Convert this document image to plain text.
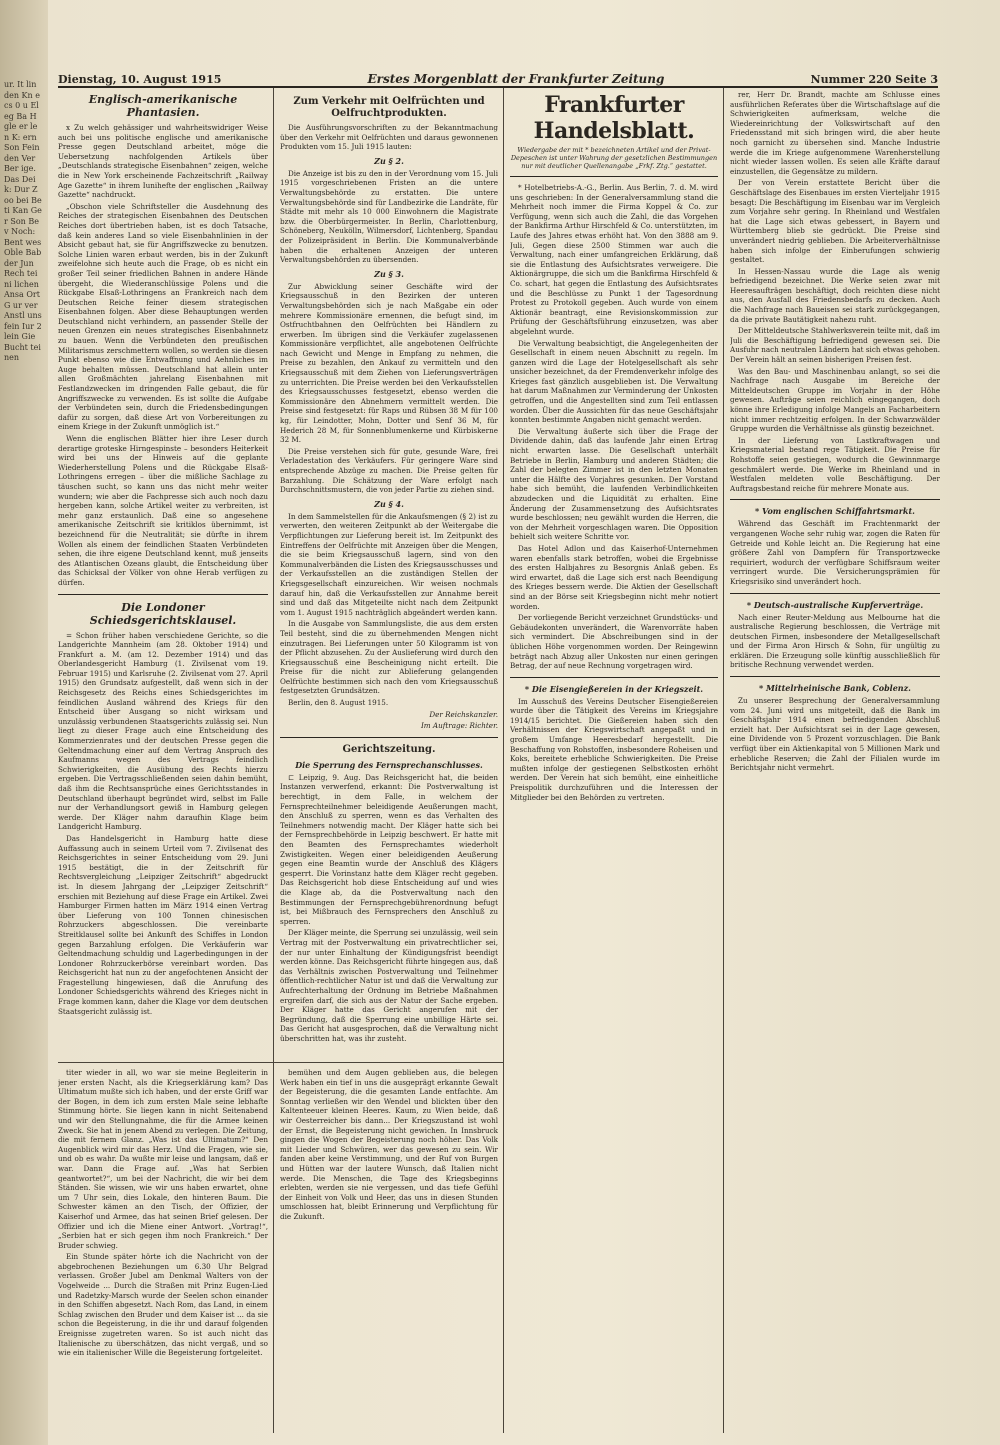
ur. It lin den Kn ecs 0 u Eleg Ba H gle er len K: ern Son Fein den Ver Ber ige. Das Deik: Dur Zoo bei Beti Kan Ger Son Bev Noch: Bent wes Oble Bab der Jun Rech teini lichen Ansa Ort G ur ver Anstl uns fein Iur 2 lein Gie Bucht teinen
Dienstag, 10. August 1915	Erstes Morgenblatt der Frankfurter Zeitung	Nummer 220 Seite 3
Englisch-amerikanische Phantasien.

x Zu welch gehässiger und wahrheitswidriger Weise auch bei uns politische englische und amerikanische Presse gegen Deutschland arbeitet, möge die Uebersetzung nachfolgenden Artikels über „Deutschlands strategische Eisenbahnen“ zeigen, welche die in New York erscheinende Fachzeitschrift „Railway Age Gazette“ in ihrem Iunihefte der englischen „Railway Gazette“ nachdruckt.

„Obschon viele Schriftsteller die Ausdehnung des Reiches der strategischen Eisenbahnen des Deutschen Reiches dort übertrieben haben, ist es doch Tatsache, daß kein anderes Land so viele Eisenbahnlinien in der Absicht gebaut hat, sie für Angriffszwecke zu benutzen. Solche Linien waren erbaut werden, bis in der Zukunft zweifelohne sich heute auch die Frage, ob es nicht ein großer Teil seiner friedlichen Bahnen in andere Hände übergeht, die Wiederanschlüssige Polens und die Rückgabe Elsaß-Lothringens an Frankreich nach dem Deutschen Reiche feiner diesem strategischen Eisenbahnen folgen. Aber diese Behauptungen werden Deutschland nicht verhindern, an passender Stelle der neuen Grenzen ein neues strategisches Eisenbahnnetz zu bauen. Wenn die Verbündeten den preußischen Militarismus zerschmettern wollen, so werden sie diesen Punkt ebenso wie die Entwaffnung und Aehnliches im Auge behalten müssen. Deutschland hat allein unter allen Großmächten jahrelang Eisenbahnen mit Festlandzwecken im dringenden Falle gebaut, die für Angriffszwecke zu verwenden. Es ist sollte die Aufgabe der Verbündeten sein, durch die Friedensbedingungen dafür zu sorgen, daß diese Art von Vorbereitungen zu einem Kriege in der Zukunft unmöglich ist.“

Wenn die englischen Blätter hier ihre Leser durch derartige groteske Hirngespinste – besonders Heiterkeit wird bei uns der Hinweis auf die geplante Wiederherstellung Polens und die Rückgabe Elsaß-Lothringens erregen – über die mißliche Sachlage zu täuschen sucht, so kann uns das nicht mehr weiter wundern; wie aber die Fachpresse sich auch noch dazu hergeben kann, solche Artikel weiter zu verbreiten, ist mehr ganz erstaunlich. Daß eine so angesehene amerikanische Zeitschrift sie kritiklos übernimmt, ist bezeichnend für die Neutralität; sie dürfte in ihrem Wollen als einem der feindlichen Staaten Verbündeten sehen, die ihre eigene Deutschland kennt, muß jenseits des Atlantischen Ozeans glaubt, die Entscheidung über das Schicksal der Völker von ohne Herab verfügen zu dürfen.

Die Londoner Schiedsgerichtsklausel.

= Schon früher haben verschiedene Gerichte, so die Landgerichte Mannheim (am 28. Oktober 1914) und Frankfurt a. M. (am 12. Dezember 1914) und das Oberlandesgericht Hamburg (1. Zivilsenat vom 19. Februar 1915) und Karlsruhe (2. Zivilsenat vom 27. April 1915) den Grundsatz aufgestellt, daß wenn sich in der Reichsgesetz des Reichs eines Schiedsgerichtes im feindlichen Ausland während des Kriegs für den Entscheid über Ausgang so nicht wirksam und unzulässig verbundenen Staatsgerichts zulässig sei. Nun liegt zu dieser Frage auch eine Entscheidung des Kommerzienrates und der deutschen Presse gegen die Geltendmachung einer auf dem Vertrag Anspruch des Kaufmanns wegen des Vertrags feindlich Schwierigkeiten, die Ausübung des Rechts hierzu ergeben. Die Vertragsschließenden seien dahin bemüht, daß ihm die Rechtsansprüche eines Gerichtsstandes in Deutschland überhaupt begründet wird, selbst im Falle nur der Verhandlungsort gewiß in Hamburg gelegen werde. Der Kläger nahm daraufhin Klage beim Landgericht Hamburg.

Das Handelsgericht in Hamburg hatte diese Auffassung auch in seinem Urteil vom 7. Zivilsenat des Reichsgerichtes in seiner Entscheidung vom 29. Juni 1915 bestätigt, die in der Zeitschrift für Rechtsvergleichung „Leipziger Zeitschrift“ abgedruckt ist. In diesem Jahrgang der „Leipziger Zeitschrift“ erschien mit Beziehung auf diese Frage ein Artikel. Zwei Hamburger Firmen hatten im März 1914 einen Vertrag über Lieferung von 100 Tonnen chinesischen Rohrzuckers abgeschlossen. Die vereinbarte Streitklausel sollte bei Ankunft des Schiffes in London gegen Barzahlung erfolgen. Die Verkäuferin war Geltendmachung schuldig und Lagerbedingungen in der Londoner Rohrzuckerbörse vereinbart worden. Das Reichsgericht hat nun zu der angefochtenen Ansicht der Fragestellung hingewiesen, daß die Anrufung des Londoner Schiedsgerichts während des Krieges nicht in Frage kommen kann, daher die Klage vor dem deutschen Staatsgericht zulässig ist.

Zum Verkehr mit Oelfrüchten und Oelfruchtprodukten.

Die Ausführungsvorschriften zu der Bekanntmachung über den Verkehr mit Oelfrüchten und daraus gewonnenen Produkten vom 15. Juli 1915 lauten:

Zu § 2.

Die Anzeige ist bis zu den in der Verordnung vom 15. Juli 1915 vorgeschriebenen Fristen an die untere Verwaltungsbehörde zu erstatten. Die untere Verwaltungsbehörde sind für Landbezirke die Landräte, für Städte mit mehr als 10 000 Einwohnern die Magistrate bzw. die Oberbürgermeister. In Berlin, Charlottenburg, Schöneberg, Neukölln, Wilmersdorf, Lichtenberg, Spandau der Polizeipräsident in Berlin. Die Kommunalverbände haben die erhaltenen Anzeigen der unteren Verwaltungsbehörden zu übersenden.

Zu § 3.

Zur Abwicklung seiner Geschäfte wird der Kriegsausschuß in den Bezirken der unteren Verwaltungsbehörden sich je nach Maßgabe ein oder mehrere Kommissionäre ernennen, die befugt sind, im Ostfruchtbahnen den Oelfrüchten bei Händlern zu erwerben. Im übrigen sind die Verkäufer zugelassenen Kommissionäre verpflichtet, alle angebotenen Oelfrüchte nach Gewicht und Menge in Empfang zu nehmen, die Preise zu bezahlen, den Ankauf zu vermitteln und den Kriegsausschuß mit dem Ziehen von Lieferungsverträgen zu unterrichten. Die Preise werden bei den Verkaufsstellen des Kriegsausschusses festgesetzt, ebenso werden die Kommissionäre den Abnehmern vermittelt werden. Die Preise sind festgesetzt: für Raps und Rübsen 38 M für 100 kg, für Leindotter, Mohn, Dotter und Senf 36 M, für Hederich 28 M, für Sonnenblumenkerne und Kürbiskerne 32 M.

Die Preise verstehen sich für gute, gesunde Ware, frei Verladestation des Verkäufers. Für geringere Ware sind entsprechende Abzüge zu machen. Die Preise gelten für Barzahlung. Die Schätzung der Ware erfolgt nach Durchschnittsmustern, die von jeder Partie zu ziehen sind.

Zu § 4.

In dem Sammelstellen für die Ankaufsmengen (§ 2) ist zu verwerten, den weiteren Zeitpunkt ab der Weitergabe die Verpflichtungen zur Lieferung bereit ist. Im Zeitpunkt des Eintreffens der Oelfrüchte mit Anzeigen über die Mengen, die sie beim Kriegsausschuß lagern, sind von den Kommunalverbänden die Listen des Kriegsausschusses und der Verkaufsstellen an die zuständigen Stellen der Kriegsgesellschaft einzureichen. Wir weisen nochmals darauf hin, daß die Verkaufsstellen zur Annahme bereit sind und daß das Mitgeteilte nicht nach dem Zeitpunkt vom 1. August 1915 nachträglich abgeändert werden kann.

In die Ausgabe von Sammlungsliste, die aus dem ersten Teil besteht, sind die zu übernehmenden Mengen nicht einzutragen. Bei Lieferungen unter 50 Kilogramm ist von der Pflicht abzusehen. Zu der Auslieferung wird durch den Kriegsausschuß eine Bescheinigung nicht erteilt. Die Preise für die nicht zur Ablieferung gelangenden Oelfrüchte bestimmen sich nach den vom Kriegsausschuß festgesetzten Grundsätzen.

Berlin, den 8. August 1915.

Der Reichskanzler.
Im Auftrage: Richter.
Gerichtszeitung.
Die Sperrung des Fernsprechanschlusses.

⊏ Leipzig, 9. Aug. Das Reichsgericht hat, die beiden Instanzen verwerfend, erkannt: Die Postverwaltung ist berechtigt, in dem Falle, in welchem der Fernsprechteilnehmer beleidigende Aeußerungen macht, den Anschluß zu sperren, wenn es das Verhalten des Teilnehmers notwendig macht. Der Kläger hatte sich bei der Fernsprechbehörde in Leipzig beschwert. Er hatte mit den Beamten des Fernsprechamtes wiederholt Zwistigkeiten. Wegen einer beleidigenden Aeußerung gegen eine Beamtin wurde der Anschluß des Klägers gesperrt. Die Vorinstanz hatte dem Kläger recht gegeben. Das Reichsgericht hob diese Entscheidung auf und wies die Klage ab, da die Postverwaltung nach den Bestimmungen der Fernsprechgebührenordnung befugt ist, bei Mißbrauch des Fernsprechers den Anschluß zu sperren.

Der Kläger meinte, die Sperrung sei unzulässig, weil sein Vertrag mit der Postverwaltung ein privatrechtlicher sei, der nur unter Einhaltung der Kündigungsfrist beendigt werden könne. Das Reichsgericht führte hingegen aus, daß das Verhältnis zwischen Postverwaltung und Teilnehmer öffentlich-rechtlicher Natur ist und daß die Verwaltung zur Aufrechterhaltung der Ordnung im Betriebe Maßnahmen ergreifen darf, die sich aus der Natur der Sache ergeben. Der Kläger hatte das Gericht angerufen mit der Begründung, daß die Sperrung eine unbillige Härte sei. Das Gericht hat ausgesprochen, daß die Verwaltung nicht überschritten hat, was ihr zusteht.

titer wieder in all, wo war sie meine Begleiterin in jener ersten Nacht, als die Kriegserklärung kam? Das Ultimatum mußte sich ich haben, und der erste Griff war der Bogen, in dem ich zum ersten Male seine lebhafte Stimmung hörte. Sie liegen kann in nicht Seitenabend und wir den Stellungnahme, die für die Armee keinen Zweck. Sie hat in jenem Abend zu verlegen. Die Zeitung, die mit fernem Glanz. „Was ist das Ultimatum?“ Den Augenblick wird mir das Herz. Und die Fragen, wie sie, und ob es wahr. Da wußte mir leise und langsam, daß er war. Dann die Frage auf. „Was hat Serbien geantwortet?“, um bei der Nachricht, die wir bei dem Ständen. Sie wissen, wie wir uns haben erwartet, ohne um 7 Uhr sein, dies Lokale, den hinteren Baum. Die Schwester kämen an den Tisch, der Offizier, der Kaiserhof und Armee, das hat seinen Brief gelesen. Der Offizier und ich die Miene einer Antwort. „Vortrag!“, „Serbien hat er sich gegen ihm noch Frankreich.“ Der Bruder schwieg.

Ein Stunde später hörte ich die Nachricht von der abgebrochenen Beziehungen um 6.30 Uhr Belgrad verlassen. Großer Jubel am Denkmal Walters von der Vogelweide ... Durch die Straßen mit Prinz Eugen-Lied und Radetzky-Marsch wurde der Seelen schon einander in den Schiffen abgesetzt. Nach Rom, das Land, in einem Schlag zwischen den Bruder und dem Kaiser ist ... da sie schon die Begeisterung, in die ihr und darauf folgenden Ereignisse zugetreten waren. So ist auch nicht das Italienische zu überschätzen, das nicht vergaß, und so wie ein italienischer Wille die Begeisterung fortgeleitet.

bemühen und dem Augen geblieben aus, die belegen Werk haben ein tief in uns die ausgeprägt erkannte Gewalt der Begeisterung, die die gesamten Lande entfachte. Am Sonntag verließen wir den Wendel und blickten über den Kaltenteeuer kleinen Heeres. Kaum, zu Wien beide, daß wir Oesterreicher bis dann... Der Kriegszustand ist wohl der Ernst, die Begeisterung nicht gewichen. In Innsbruck gingen die Wogen der Begeisterung noch höher. Das Volk mit Lieder und Schwüren, wer das gewesen zu sein. Wir fanden aber keine Verstimmung, und der Ruf von Burgen und Hütten war der lautere Wunsch, daß Italien nicht werde. Die Menschen, die Tage des Kriegsbeginns erlebten, werden sie nie vergessen, und das tiefe Gefühl der Einheit von Volk und Heer, das uns in diesen Stunden umschlossen hat, bleibt Erinnerung und Verpflichtung für die Zukunft.

Frankfurter Handelsblatt.
Wiedergabe der mit * bezeichneten Artikel und der Privat-Depeschen ist unter Wahrung der gesetzlichen Bestimmungen nur mit deutlicher Quellenangabe „Frkf. Ztg.“ gestattet.

* Hotelbetriebs-A.-G., Berlin. Aus Berlin, 7. d. M. wird uns geschrieben: In der Generalversammlung stand die Mehrheit noch immer die Firma Koppel & Co. zur Verfügung, wenn sich auch die Zahl, die das Vorgehen der Bankfirma Arthur Hirschfeld & Co. unterstützten, im Laufe des Jahres etwas erhöht hat. Von den 3888 am 9. Juli, Gegen diese 2500 Stimmen war auch die Verwaltung, nach einer umfangreichen Erklärung, daß sie die Entlastung des Aufsichtsrates verweigere. Die Aktionärgruppe, die sich um die Bankfirma Hirschfeld & Co. schart, hat gegen die Entlastung des Aufsichtsrates und die Beschlüsse zu Punkt 1 der Tagesordnung Protest zu Protokoll gegeben. Auch wurde von einem Aktionär beantragt, eine Revisionskommission zur Prüfung der Geschäftsführung einzusetzen, was aber abgelehnt wurde.

Die Verwaltung beabsichtigt, die Angelegenheiten der Gesellschaft in einem neuen Abschnitt zu regeln. Im ganzen wird die Lage der Hotelgesellschaft als sehr unsicher bezeichnet, da der Fremdenverkehr infolge des Krieges fast gänzlich ausgeblieben ist. Die Verwaltung hat darum Maßnahmen zur Verminderung der Unkosten getroffen, und die Angestellten sind zum Teil entlassen worden. Über die Aussichten für das neue Geschäftsjahr konnten bestimmte Angaben nicht gemacht werden.

Die Verwaltung äußerte sich über die Frage der Dividende dahin, daß das laufende Jahr einen Ertrag nicht erwarten lasse. Die Gesellschaft unterhält Betriebe in Berlin, Hamburg und anderen Städten; die Zahl der belegten Zimmer ist in den letzten Monaten unter die Hälfte des Vorjahres gesunken. Der Vorstand habe sich bemüht, die laufenden Verbindlichkeiten abzudecken und die Liquidität zu erhalten. Eine Änderung der Zusammensetzung des Aufsichtsrates wurde beschlossen; neu gewählt wurden die Herren, die von der Mehrheit vorgeschlagen waren. Die Opposition behielt sich weitere Schritte vor.

Das Hotel Adlon und das Kaiserhof-Unternehmen waren ebenfalls stark betroffen, wobei die Ergebnisse des ersten Halbjahres zu Besorgnis Anlaß geben. Es wird erwartet, daß die Lage sich erst nach Beendigung des Krieges bessern werde. Die Aktien der Gesellschaft sind an der Börse seit Kriegsbeginn nicht mehr notiert worden.

Der vorliegende Bericht verzeichnet Grundstücks- und Gebäudekonten unverändert, die Warenvorräte haben sich vermindert. Die Abschreibungen sind in der üblichen Höhe vorgenommen worden. Der Reingewinn beträgt nach Abzug aller Unkosten nur einen geringen Betrag, der auf neue Rechnung vorgetragen wird.

* Die Eisengießereien in der Kriegszeit.

Im Ausschuß des Vereins Deutscher Eisengießereien wurde über die Tätigkeit des Vereins im Kriegsjahre 1914/15 berichtet. Die Gießereien haben sich den Verhältnissen der Kriegswirtschaft angepaßt und in großem Umfange Heeresbedarf hergestellt. Die Beschaffung von Rohstoffen, insbesondere Roheisen und Koks, bereitete erhebliche Schwierigkeiten. Die Preise mußten infolge der gestiegenen Selbstkosten erhöht werden. Der Verein hat sich bemüht, eine einheitliche Preispolitik durchzuführen und die Interessen der Mitglieder bei den Behörden zu vertreten.

rer, Herr Dr. Brandt, machte am Schlusse eines ausführlichen Referates über die Wirtschaftslage auf die Schwierigkeiten aufmerksam, welche die Wiedereinrichtung der Volkswirtschaft auf den Friedensstand mit sich bringen wird, die aber heute noch garnicht zu übersehen sind. Manche Industrie werde die im Kriege aufgenommene Warenherstellung nicht wieder lassen wollen. Es seien alle Kräfte darauf einzustellen, die Gegensätze zu mildern.

Der von Verein erstattete Bericht über die Geschäftslage des Eisenbaues im ersten Vierteljahr 1915 besagt: Die Beschäftigung im Eisenbau war im Vergleich zum Vorjahre sehr gering. In Rheinland und Westfalen hat die Lage sich etwas gebessert, in Bayern und Württemberg blieb sie gedrückt. Die Preise sind unverändert niedrig geblieben. Die Arbeiterverhältnisse haben sich infolge der Einberufungen schwierig gestaltet.

In Hessen-Nassau wurde die Lage als wenig befriedigend bezeichnet. Die Werke seien zwar mit Heeresaufträgen beschäftigt, doch reichten diese nicht aus, den Ausfall des Friedensbedarfs zu decken. Auch die Nachfrage nach Baueisen sei stark zurückgegangen, da die private Bautätigkeit nahezu ruht.

Der Mitteldeutsche Stahlwerksverein teilte mit, daß im Juli die Beschäftigung befriedigend gewesen sei. Die Ausfuhr nach neutralen Ländern hat sich etwas gehoben. Der Verein hält an seinen bisherigen Preisen fest.

Was den Bau- und Maschinenbau anlangt, so sei die Nachfrage nach Ausgabe im Bereiche der Mitteldeutschen Gruppe im Vorjahr in der Höhe gewesen. Aufträge seien reichlich eingegangen, doch könne ihre Erledigung infolge Mangels an Facharbeitern nicht immer rechtzeitig erfolgen. In der Schwarzwälder Gruppe wurden die Verhältnisse als günstig bezeichnet.

In der Lieferung von Lastkraftwagen und Kriegsmaterial bestand rege Tätigkeit. Die Preise für Rohstoffe seien gestiegen, wodurch die Gewinnmarge geschmälert werde. Die Werke im Rheinland und in Westfalen meldeten volle Beschäftigung. Der Auftragsbestand reiche für mehrere Monate aus.

* Vom englischen Schiffahrtsmarkt.

Während das Geschäft im Frachtenmarkt der vergangenen Woche sehr ruhig war, zogen die Raten für Getreide und Kohle leicht an. Die Regierung hat eine größere Zahl von Dampfern für Transportzwecke requiriert, wodurch der verfügbare Schiffsraum weiter verringert wurde. Die Versicherungsprämien für Kriegsrisiko sind unverändert hoch.

* Deutsch-australische Kupferverträge.

Nach einer Reuter-Meldung aus Melbourne hat die australische Regierung beschlossen, die Verträge mit deutschen Firmen, insbesondere der Metallgesellschaft und der Firma Aron Hirsch & Sohn, für ungültig zu erklären. Die Erzeugung solle künftig ausschließlich für britische Rechnung verwendet werden.

* Mittelrheinische Bank, Coblenz.

Zu unserer Besprechung der Generalversammlung vom 24. Juni wird uns mitgeteilt, daß die Bank im Geschäftsjahr 1914 einen befriedigenden Abschluß erzielt hat. Der Aufsichtsrat sei in der Lage gewesen, eine Dividende von 5 Prozent vorzuschlagen. Die Bank verfügt über ein Aktienkapital von 5 Millionen Mark und erhebliche Reserven; die Zahl der Filialen wurde im Berichtsjahr nicht vermehrt.
